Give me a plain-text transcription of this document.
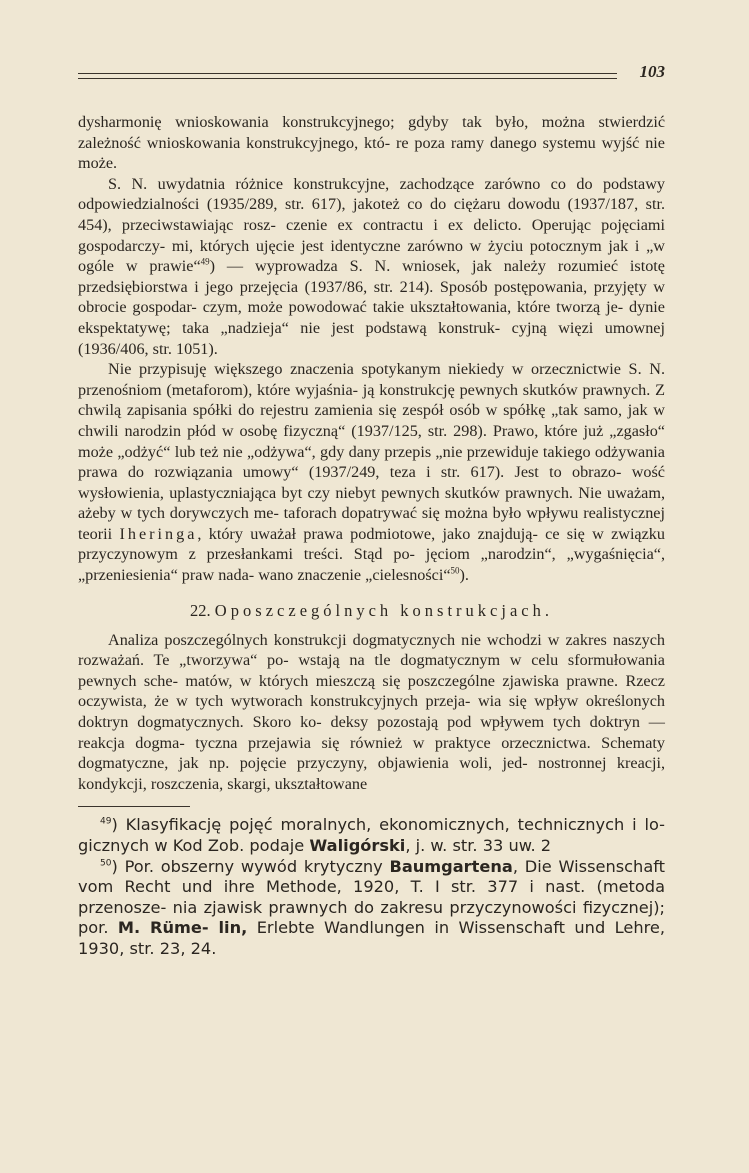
103

dysharmonię wnioskowania konstrukcyjnego; gdyby tak było, można stwierdzić zależność wnioskowania konstrukcyjnego, któ- re poza ramy danego systemu wyjść nie może.

S. N. uwydatnia różnice konstrukcyjne, zachodzące zarówno co do podstawy odpowiedzialności (1935/289, str. 617), jakoteż co do ciężaru dowodu (1937/187, str. 454), przeciwstawiając rosz- czenie ex contractu i ex delicto. Operując pojęciami gospodarczy- mi, których ujęcie jest identyczne zarówno w życiu potocznym jak i „w ogóle w prawie“$^{49}$) — wyprowadza S. N. wniosek, jak należy rozumieć istotę przedsiębiorstwa i jego przejęcia (1937/86, str. 214). Sposób postępowania, przyjęty w obrocie gospodar- czym, może powodować takie ukształtowania, które tworzą je- dynie ekspektatywę; taka „nadzieja“ nie jest podstawą konstruk- cyjną więzi umownej (1936/406, str. 1051).

Nie przypisuję większego znaczenia spotykanym niekiedy w orzecznictwie S. N. przenośniom (metaforom), które wyjaśnia- ją konstrukcję pewnych skutków prawnych. Z chwilą zapisania spółki do rejestru zamienia się zespół osób w spółkę „tak samo, jak w chwili narodzin płód w osobę fizyczną“ (1937/125, str. 298). Prawo, które już „zgasło“ może „odżyć“ lub też nie „odżywa“, gdy dany przepis „nie przewiduje takiego odżywania prawa do rozwiązania umowy“ (1937/249, teza i str. 617). Jest to obrazo- wość wysłowienia, uplastyczniająca byt czy niebyt pewnych skutków prawnych. Nie uważam, ażeby w tych dorywczych me- taforach dopatrywać się można było wpływu realistycznej teorii Iheringa, który uważał prawa podmiotowe, jako znajdują- ce się w związku przyczynowym z przesłankami treści. Stąd po- jęciom „narodzin“, „wygaśnięcia“, „przeniesienia“ praw nada- wano znaczenie „cielesności“$^{50}$).

22. O poszczególnych konstrukcjach.

Analiza poszczególnych konstrukcji dogmatycznych nie wchodzi w zakres naszych rozważań. Te „tworzywa“ po- wstają na tle dogmatycznym w celu sformułowania pewnych sche- matów, w których mieszczą się poszczególne zjawiska prawne. Rzecz oczywista, że w tych wytworach konstrukcyjnych przeja- wia się wpływ określonych doktryn dogmatycznych. Skoro ko- deksy pozostają pod wpływem tych doktryn — reakcja dogma- tyczna przejawia się również w praktyce orzecznictwa. Schematy dogmatyczne, jak np. pojęcie przyczyny, objawienia woli, jed- nostronnej kreacji, kondykcji, roszczenia, skargi, ukształtowane

$^{49}$) Klasyfikację pojęć moralnych, ekonomicznych, technicznych i lo- gicznych w Kod Zob. podaje Waligórski, j. w. str. 33 uw. 2

$^{50}$) Por. obszerny wywód krytyczny Baumgartena, Die Wissenschaft vom Recht und ihre Methode, 1920, T. I str. 377 i nast. (metoda przenosze- nia zjawisk prawnych do zakresu przyczynowości fizycznej); por. M. Rüme- lin, Erlebte Wandlungen in Wissenschaft und Lehre, 1930, str. 23, 24.
